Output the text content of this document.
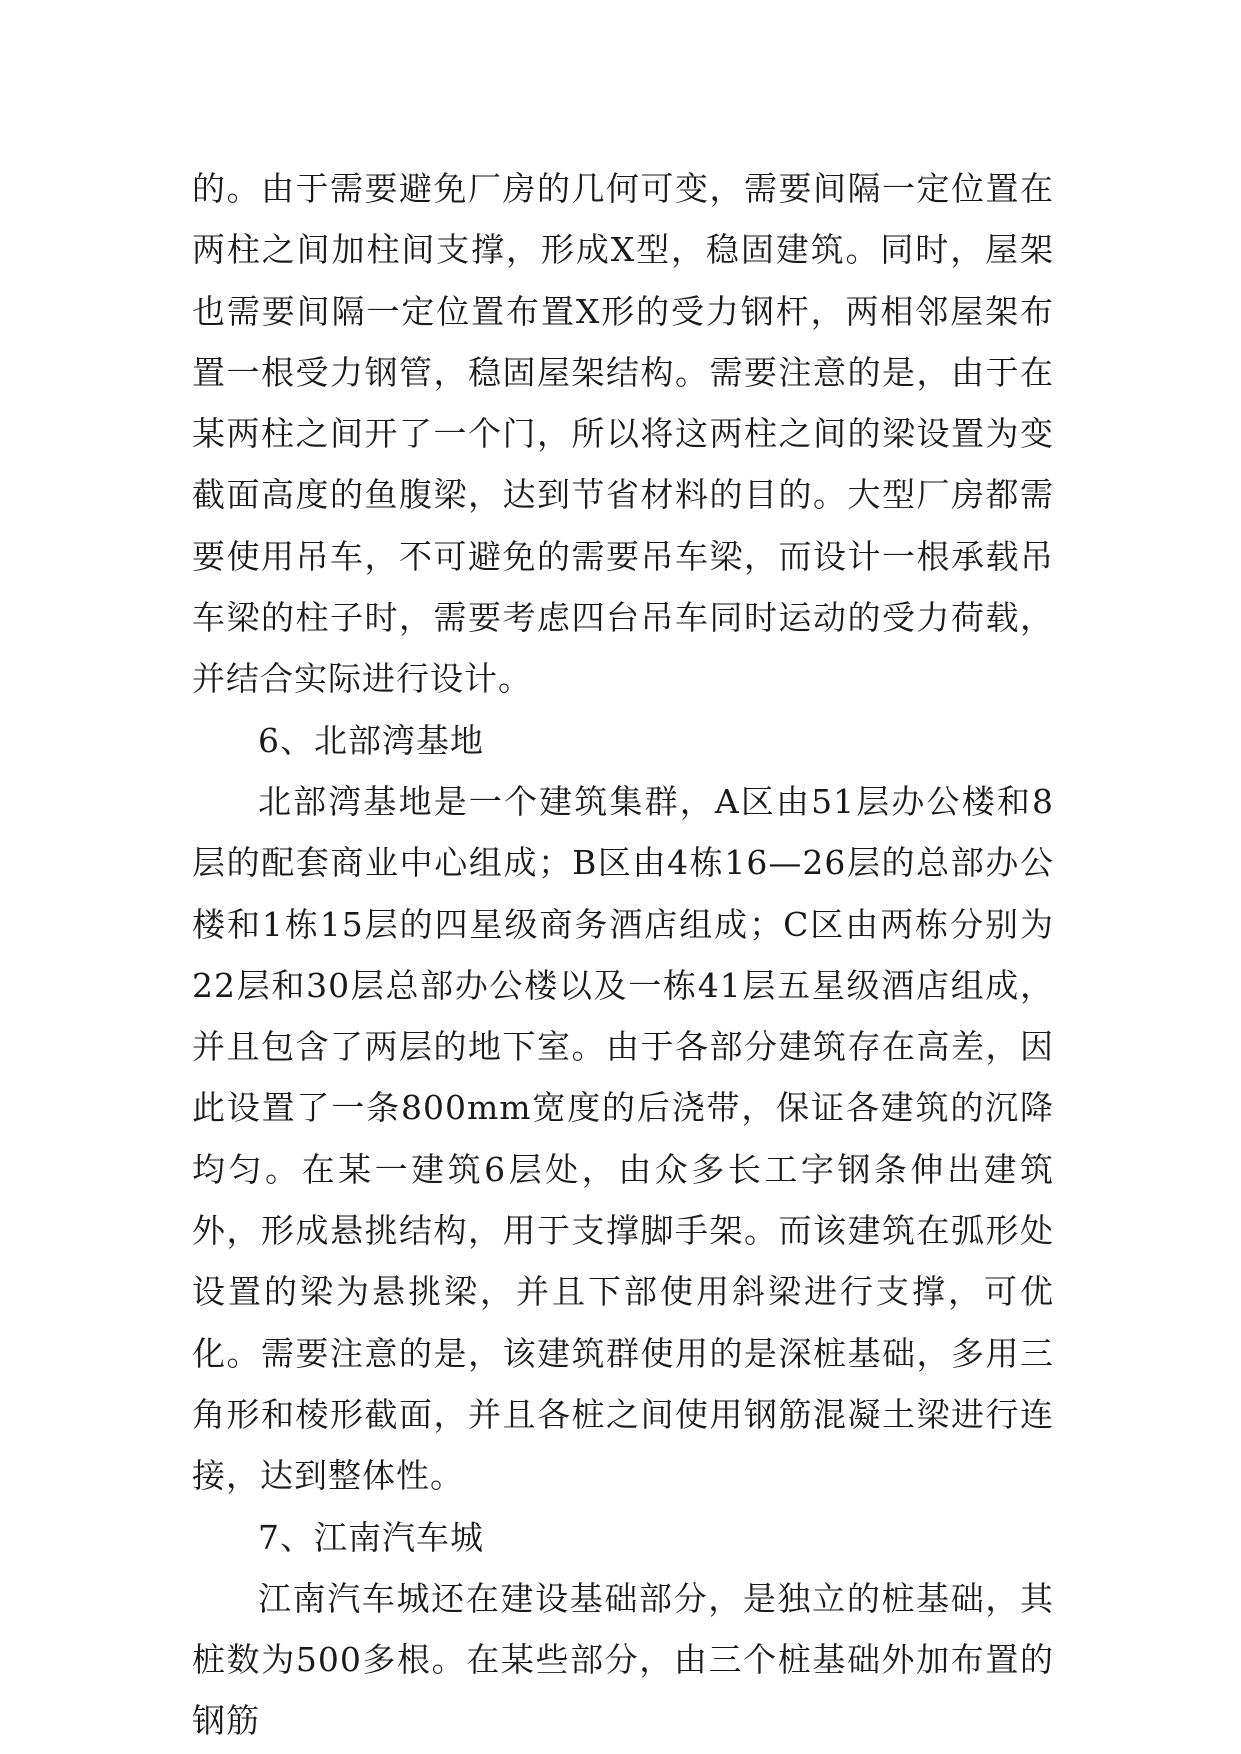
的。由于需要避免厂房的几何可变，需要间隔一定位置在两柱之间加柱间支撑，形成X型，稳固建筑。同时，屋架也需要间隔一定位置布置X形的受力钢杆，两相邻屋架布置一根受力钢管，稳固屋架结构。需要注意的是，由于在某两柱之间开了一个门，所以将这两柱之间的梁设置为变截面高度的鱼腹梁，达到节省材料的目的。大型厂房都需要使用吊车，不可避免的需要吊车梁，而设计一根承载吊车梁的柱子时，需要考虑四台吊车同时运动的受力荷载，并结合实际进行设计。

6、北部湾基地

北部湾基地是一个建筑集群，A区由51层办公楼和8层的配套商业中心组成；B区由4栋16—26层的总部办公楼和1栋15层的四星级商务酒店组成；C区由两栋分别为22层和30层总部办公楼以及一栋41层五星级酒店组成，并且包含了两层的地下室。由于各部分建筑存在高差，因此设置了一条800mm宽度的后浇带，保证各建筑的沉降均匀。在某一建筑6层处，由众多长工字钢条伸出建筑外，形成悬挑结构，用于支撑脚手架。而该建筑在弧形处设置的梁为悬挑梁，并且下部使用斜梁进行支撑，可优化。需要注意的是，该建筑群使用的是深桩基础，多用三角形和棱形截面，并且各桩之间使用钢筋混凝土梁进行连接，达到整体性。

7、江南汽车城

江南汽车城还在建设基础部分，是独立的桩基础，其桩数为500多根。在某些部分，由三个桩基础外加布置的钢筋
